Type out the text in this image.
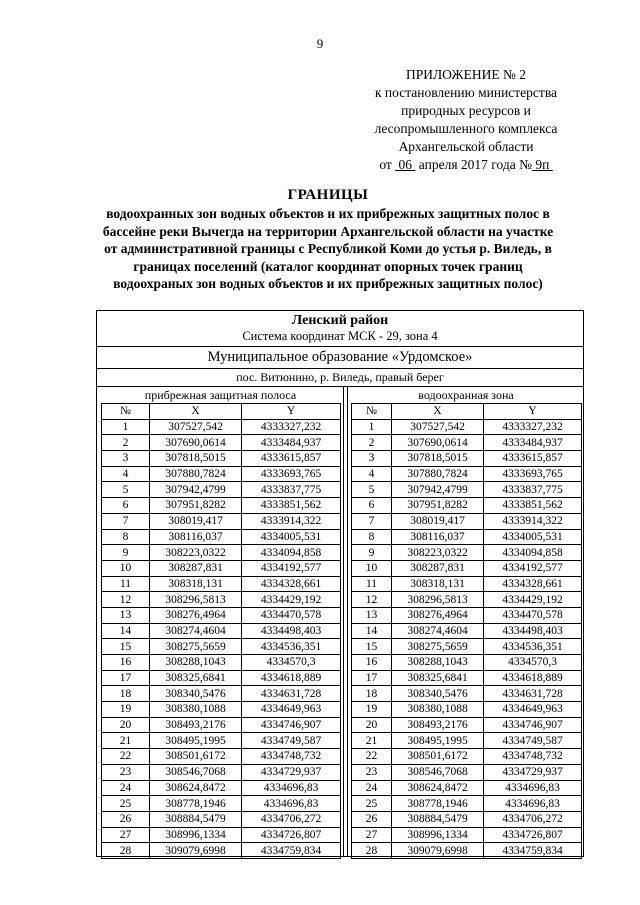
9
ПРИЛОЖЕНИЕ № 2
к постановлению министерства
природных ресурсов и
лесопромышленного комплекса
Архангельской области
от 06 апреля 2017 года № 9п
ГРАНИЦЫ
водоохранных зон водных объектов и их прибрежных защитных полос в
бассейне реки Вычегда на территории Архангельской области на участке
от административной границы с Республикой Коми до устья р. Виледь, в
границах поселений (каталог координат опорных точек границ
водоохраных зон водных объектов и их прибрежных защитных полос)
Ленский район
Система координат МСК - 29, зона 4
Муниципальное образование «Урдомское»
пос. Витюнино, р. Виледь, правый берег
прибрежная защитная полоса
№	X	Y
1	307527,542	4333327,232
2	307690,0614	4333484,937
3	307818,5015	4333615,857
4	307880,7824	4333693,765
5	307942,4799	4333837,775
6	307951,8282	4333851,562
7	308019,417	4333914,322
8	308116,037	4334005,531
9	308223,0322	4334094,858
10	308287,831	4334192,577
11	308318,131	4334328,661
12	308296,5813	4334429,192
13	308276,4964	4334470,578
14	308274,4604	4334498,403
15	308275,5659	4334536,351
16	308288,1043	4334570,3
17	308325,6841	4334618,889
18	308340,5476	4334631,728
19	308380,1088	4334649,963
20	308493,2176	4334746,907
21	308495,1995	4334749,587
22	308501,6172	4334748,732
23	308546,7068	4334729,937
24	308624,8472	4334696,83
25	308778,1946	4334696,83
26	308884,5479	4334706,272
27	308996,1334	4334726,807
28	309079,6998	4334759,834
водоохранная зона
№	X	Y
1	307527,542	4333327,232
2	307690,0614	4333484,937
3	307818,5015	4333615,857
4	307880,7824	4333693,765
5	307942,4799	4333837,775
6	307951,8282	4333851,562
7	308019,417	4333914,322
8	308116,037	4334005,531
9	308223,0322	4334094,858
10	308287,831	4334192,577
11	308318,131	4334328,661
12	308296,5813	4334429,192
13	308276,4964	4334470,578
14	308274,4604	4334498,403
15	308275,5659	4334536,351
16	308288,1043	4334570,3
17	308325,6841	4334618,889
18	308340,5476	4334631,728
19	308380,1088	4334649,963
20	308493,2176	4334746,907
21	308495,1995	4334749,587
22	308501,6172	4334748,732
23	308546,7068	4334729,937
24	308624,8472	4334696,83
25	308778,1946	4334696,83
26	308884,5479	4334706,272
27	308996,1334	4334726,807
28	309079,6998	4334759,834
